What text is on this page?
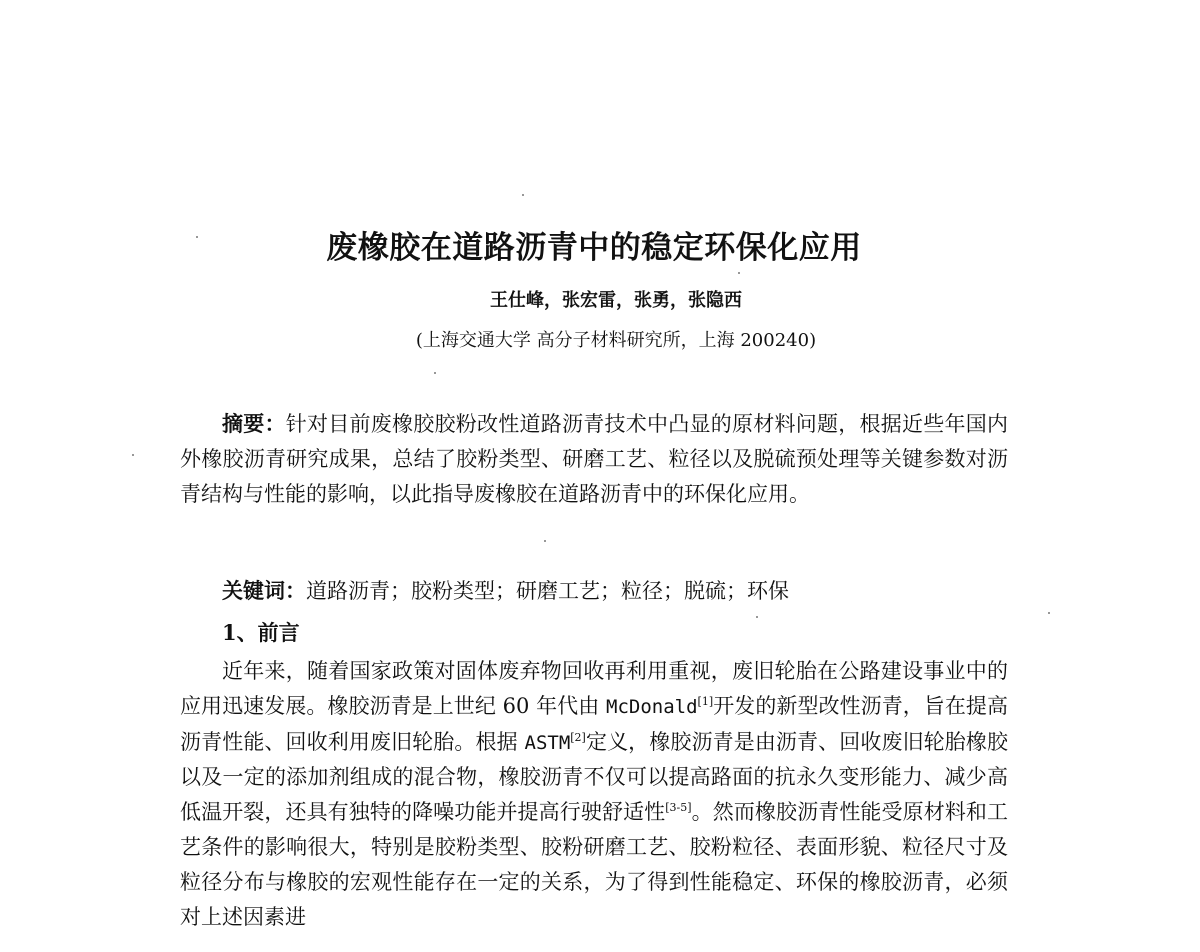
废橡胶在道路沥青中的稳定环保化应用
王仕峰，张宏雷，张勇，张隐西
(上海交通大学 高分子材料研究所，上海 200240)

摘要：针对目前废橡胶胶粉改性道路沥青技术中凸显的原材料问题，根据近些年国内外橡胶沥青研究成果，总结了胶粉类型、研磨工艺、粒径以及脱硫预处理等关键参数对沥青结构与性能的影响，以此指导废橡胶在道路沥青中的环保化应用。

关键词：道路沥青；胶粉类型；研磨工艺；粒径；脱硫；环保

1、前言

近年来，随着国家政策对固体废弃物回收再利用重视，废旧轮胎在公路建设事业中的应用迅速发展。橡胶沥青是上世纪 60 年代由 McDonald[1]开发的新型改性沥青，旨在提高沥青性能、回收利用废旧轮胎。根据 ASTM[2]定义，橡胶沥青是由沥青、回收废旧轮胎橡胶以及一定的添加剂组成的混合物，橡胶沥青不仅可以提高路面的抗永久变形能力、减少高低温开裂，还具有独特的降噪功能并提高行驶舒适性[3-5]。然而橡胶沥青性能受原材料和工艺条件的影响很大，特别是胶粉类型、胶粉研磨工艺、胶粉粒径、表面形貌、粒径尺寸及粒径分布与橡胶的宏观性能存在一定的关系，为了得到性能稳定、环保的橡胶沥青，必须对上述因素进
